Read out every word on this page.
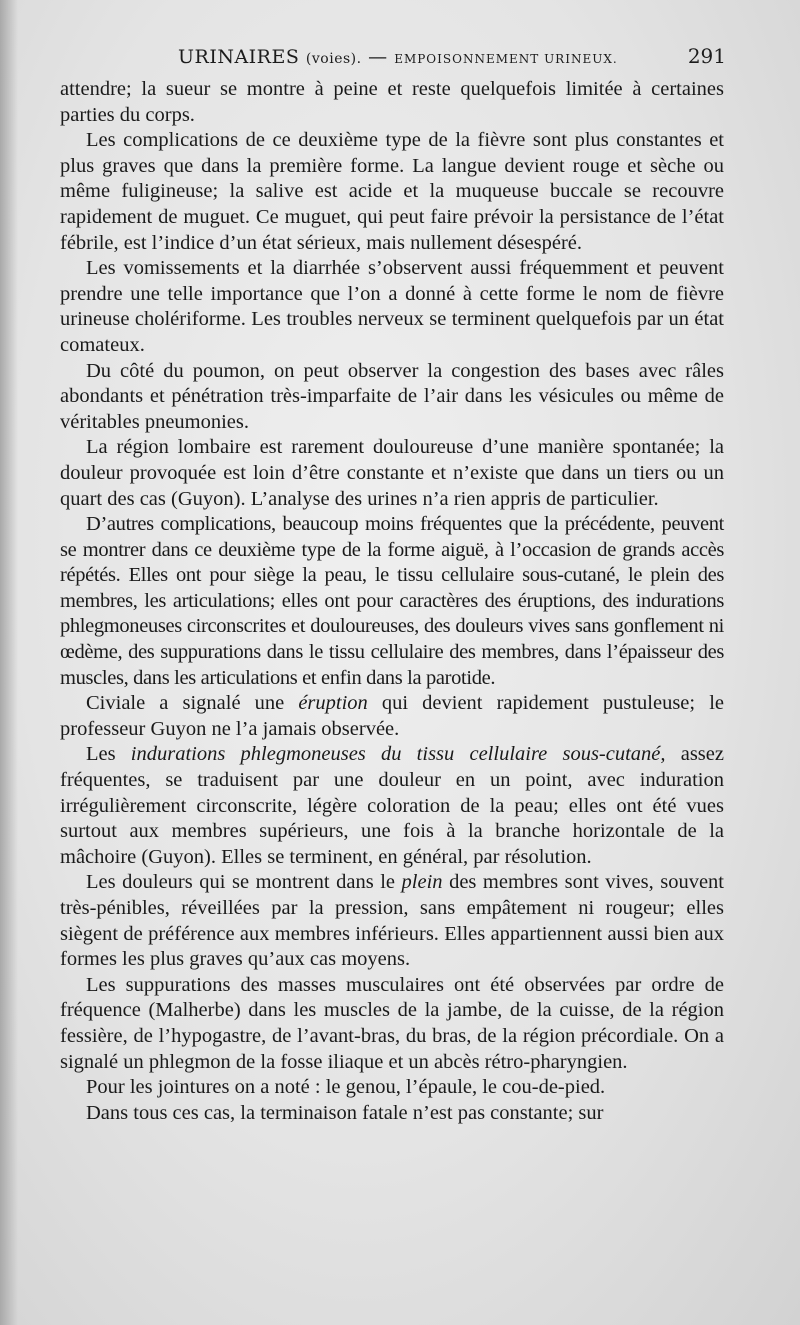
URINAIRES (voies). — EMPOISONNEMENT URINEUX.	291

attendre; la sueur se montre à peine et reste quelquefois limitée à certaines parties du corps.

Les complications de ce deuxième type de la fièvre sont plus constantes et plus graves que dans la première forme. La langue devient rouge et sèche ou même fuligineuse; la salive est acide et la muqueuse buccale se recouvre rapidement de muguet. Ce muguet, qui peut faire prévoir la persistance de l’état fébrile, est l’indice d’un état sérieux, mais nullement désespéré.

Les vomissements et la diarrhée s’observent aussi fréquemment et peuvent prendre une telle importance que l’on a donné à cette forme le nom de fièvre urineuse cholériforme. Les troubles nerveux se terminent quelquefois par un état comateux.

Du côté du poumon, on peut observer la congestion des bases avec râles abondants et pénétration très-imparfaite de l’air dans les vésicules ou même de véritables pneumonies.

La région lombaire est rarement douloureuse d’une manière spontanée; la douleur provoquée est loin d’être constante et n’existe que dans un tiers ou un quart des cas (Guyon). L’analyse des urines n’a rien appris de particulier.

D’autres complications, beaucoup moins fréquentes que la précédente, peuvent se montrer dans ce deuxième type de la forme aiguë, à l’occasion de grands accès répétés. Elles ont pour siège la peau, le tissu cellulaire sous-cutané, le plein des membres, les articulations; elles ont pour caractères des éruptions, des indurations phlegmoneuses circonscrites et douloureuses, des douleurs vives sans gonflement ni œdème, des suppurations dans le tissu cellulaire des membres, dans l’épaisseur des muscles, dans les articulations et enfin dans la parotide.

Civiale a signalé une éruption qui devient rapidement pustuleuse; le professeur Guyon ne l’a jamais observée.

Les indurations phlegmoneuses du tissu cellulaire sous-cutané, assez fréquentes, se traduisent par une douleur en un point, avec induration irrégulièrement circonscrite, légère coloration de la peau; elles ont été vues surtout aux membres supérieurs, une fois à la branche horizontale de la mâchoire (Guyon). Elles se terminent, en général, par résolution.

Les douleurs qui se montrent dans le plein des membres sont vives, souvent très-pénibles, réveillées par la pression, sans empâtement ni rougeur; elles siègent de préférence aux membres inférieurs. Elles appartiennent aussi bien aux formes les plus graves qu’aux cas moyens.

Les suppurations des masses musculaires ont été observées par ordre de fréquence (Malherbe) dans les muscles de la jambe, de la cuisse, de la région fessière, de l’hypogastre, de l’avant-bras, du bras, de la région précordiale. On a signalé un phlegmon de la fosse iliaque et un abcès rétro-pharyngien.

Pour les jointures on a noté : le genou, l’épaule, le cou-de-pied.

Dans tous ces cas, la terminaison fatale n’est pas constante; sur
